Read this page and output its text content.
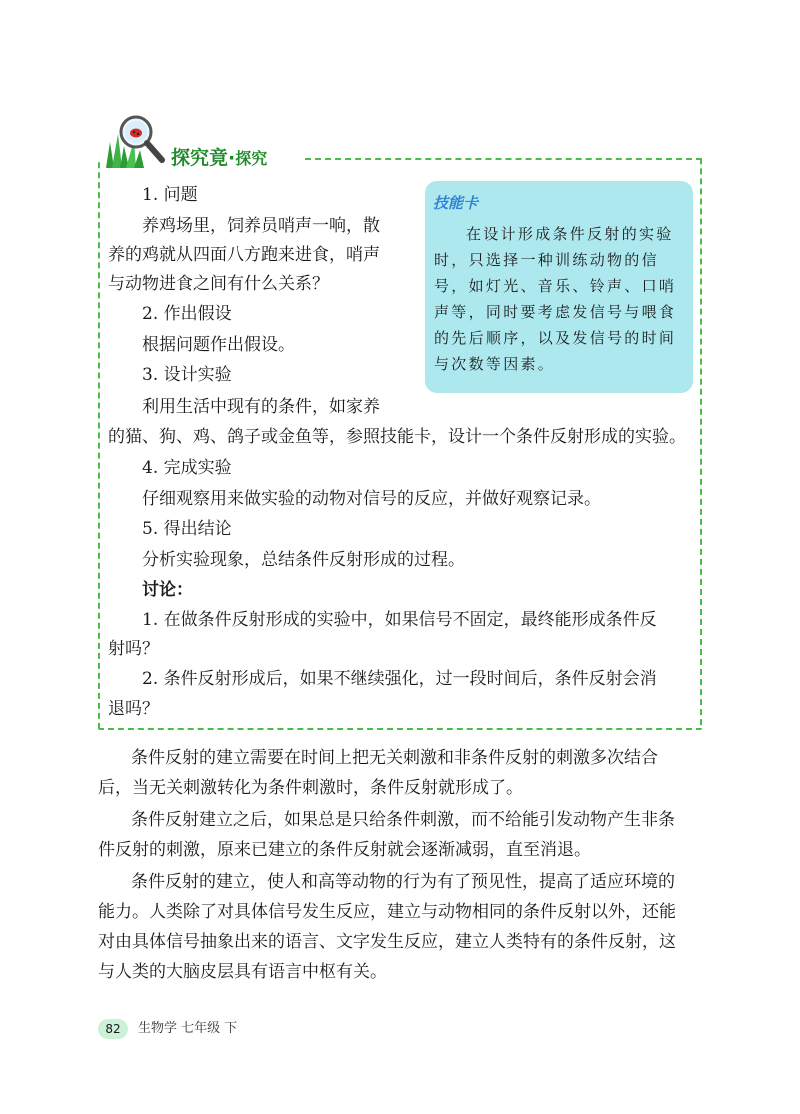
探究竟·探究
技能卡
在设计形成条件反射的实验
时，只选择一种训练动物的信
号，如灯光、音乐、铃声、口哨
声等，同时要考虑发信号与喂食
的先后顺序，以及发信号的时间
与次数等因素。
1. 问题
养鸡场里，饲养员哨声一响，散
养的鸡就从四面八方跑来进食，哨声
与动物进食之间有什么关系？
2. 作出假设
根据问题作出假设。
3. 设计实验
利用生活中现有的条件，如家养
的猫、狗、鸡、鸽子或金鱼等，参照技能卡，设计一个条件反射形成的实验。
4. 完成实验
仔细观察用来做实验的动物对信号的反应，并做好观察记录。
5. 得出结论
分析实验现象，总结条件反射形成的过程。
讨论：
1. 在做条件反射形成的实验中，如果信号不固定，最终能形成条件反
射吗？
2. 条件反射形成后，如果不继续强化，过一段时间后，条件反射会消
退吗？
条件反射的建立需要在时间上把无关刺激和非条件反射的刺激多次结合
后，当无关刺激转化为条件刺激时，条件反射就形成了。
条件反射建立之后，如果总是只给条件刺激，而不给能引发动物产生非条
件反射的刺激，原来已建立的条件反射就会逐渐减弱，直至消退。
条件反射的建立，使人和高等动物的行为有了预见性，提高了适应环境的
能力。人类除了对具体信号发生反应，建立与动物相同的条件反射以外，还能
对由具体信号抽象出来的语言、文字发生反应，建立人类特有的条件反射，这
与人类的大脑皮层具有语言中枢有关。
82	生物学 七年级 下
